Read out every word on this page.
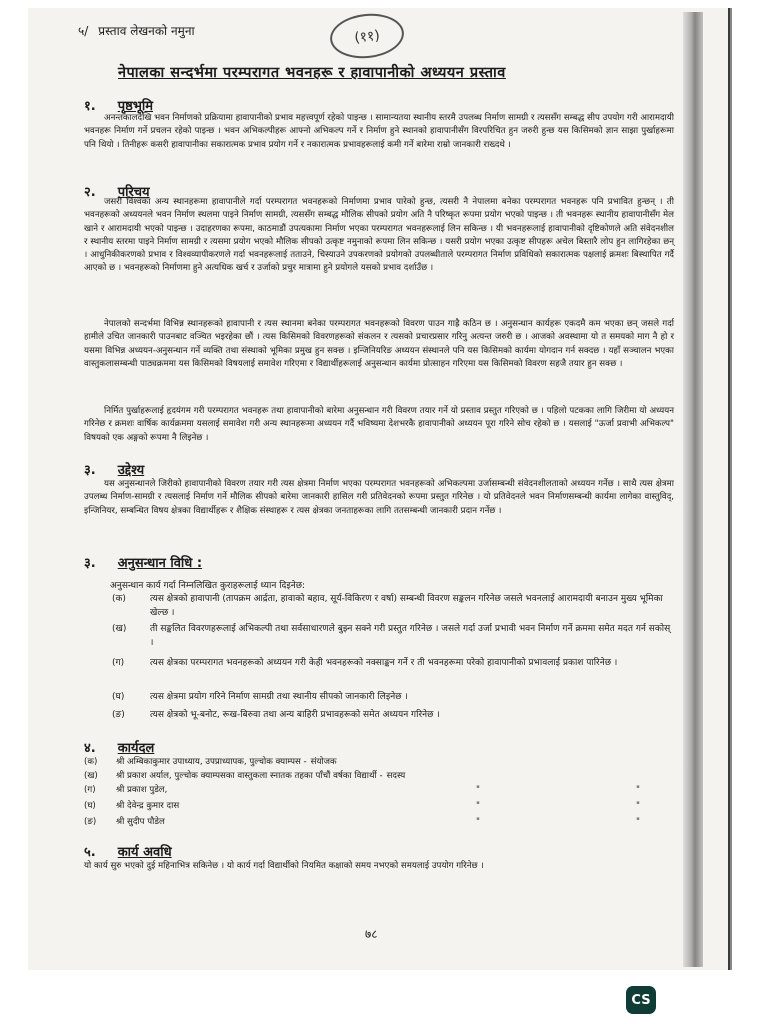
५/ प्रस्ताव लेखनको नमुना	(११)
नेपालका सन्दर्भमा परम्परागत भवनहरू र हावापानीको अध्ययन प्रस्ताव
१. पृष्ठभूमि

अनन्तकालदेखि भवन निर्माणको प्रक्रियामा हावापानीको प्रभाव महत्त्वपूर्ण रहेको पाइन्छ । सामान्यतया स्थानीय स्तरमै उपलब्ध निर्माण सामग्री र त्यससँग सम्बद्ध सीप उपयोग गरी आरामदायी भवनहरू निर्माण गर्ने प्रचलन रहेको पाइन्छ । भवन अभिकल्पीहरू आफ्नो अभिकल्प गर्ने र निर्माण हुने स्थानको हावापानीसँग विरपरिचित हुन जरुरी हुन्छ यस किसिमको ज्ञान साझा पुर्खाहरूमा पनि थियो । तिनीहरू कसरी हावापानीका सकारात्मक प्रभाव प्रयोग गर्ने र नकारात्मक प्रभावहरूलाई कमी गर्ने बारेमा राम्रो जानकारी राख्दथे ।

२. परिचय

जसरी विश्वका अन्य स्थानहरूमा हावापानीले गर्दा परम्परागत भवनहरूको निर्माणमा प्रभाव पारेको हुन्छ, त्यसरी नै नेपालमा बनेका परम्परागत भवनहरू पनि प्रभावित हुन्छन् । ती भवनहरूको अध्ययनले भवन निर्माण स्थलमा पाइने निर्माण सामग्री, त्यससँग सम्बद्ध मौलिक सीपको प्रयोग अति नै परिष्कृत रूपमा प्रयोग भएको पाइन्छ । ती भवनहरू स्थानीय हावापानीसँग मेल खाने र आरामदायी भएको पाइन्छ । उदाहरणका रूपमा, काठमाडौं उपत्यकामा निर्माण भएका परम्परागत भवनहरूलाई लिन सकिन्छ । यी भवनहरूलाई हावापानीको दृष्टिकोणले अति संवेदनशील र स्थानीय स्तरमा पाइने निर्माण सामग्री र त्यसमा प्रयोग भएको मौलिक सीपको उत्कृष्ट नमुनाको रूपमा लिन सकिन्छ । यसरी प्रयोग भएका उत्कृष्ट सीपहरू अचेल बिस्तारै लोप हुन लागिरहेका छन् । आधुनिकीकरणको प्रभाव र विश्वव्यापीकरणले गर्दा भवनहरूलाई तताउने, चिस्याउने उपकरणको प्रयोगको उपलब्धीताले परम्परागत निर्माण प्रविधिको सकारात्मक पक्षलाई क्रमशः बिस्थापित गर्दै आएको छ । भवनहरूको निर्माणमा हुने अत्यधिक खर्च र उर्जाको प्रचुर मात्रामा हुने प्रयोगले यसको प्रभाव दर्शाउँछ ।

नेपालको सन्दर्भमा विभिन्न स्थानहरूको हावापानी र त्यस स्थानमा बनेका परम्परागत भवनहरूको विवरण पाउन गाह्रै कठिन छ । अनुसन्धान कार्यहरू एकदमै कम भएका छन् जसले गर्दा हामीले उचित जानकारी पाउनबाट वञ्चित भइरहेका छौं । त्यस किसिमको विवरणहरूको संकलन र त्यसको प्रचारप्रसार गरिनु अत्यन्त जरुरी छ । आजको अवस्थामा यो त समयको माग नै हो र यसमा विभिन्न अध्ययन-अनुसन्धान गर्ने व्यक्ति तथा संस्थाको भूमिका प्रमुख हुन सक्छ । इन्जिनियरिङ अध्ययन संस्थानले पनि यस किसिमको कार्यमा योगदान गर्न सक्दछ । यहाँ सञ्चालन भएका वास्तुकलासम्बन्धी पाठ्यक्रममा यस किसिमको विषयलाई समावेश गरिएमा र विद्यार्थीहरूलाई अनुसन्धान कार्यमा प्रोत्साहन गरिएमा यस किसिमको विवरण सहजै तयार हुन सक्छ ।

निर्मित पुर्खाहरूलाई हृदयंगम गरी परम्परागत भवनहरू तथा हावापानीको बारेमा अनुसन्धान गरी विवरण तयार गर्ने यो प्रस्ताव प्रस्तुत गरिएको छ । पहिलो पटकका लागि जिरीमा यो अध्ययन गरिनेछ र क्रमशः वार्षिक कार्यक्रममा यसलाई समावेश गरी अन्य स्थानहरूमा अध्ययन गर्दै भविष्यमा देशभरकै हावापानीको अध्ययन पूरा गरिने सोच रहेको छ । यसलाई "ऊर्जा प्रवाभी अभिकल्प" विषयको एक अङ्गको रूपमा नै लिइनेछ ।

३. उद्देश्य

यस अनुसन्धानले जिरीको हावापानीको विवरण तयार गरी त्यस क्षेत्रमा निर्माण भएका परम्परागत भवनहरूको अभिकल्पमा उर्जासम्बन्धी संवेदनशीलताको अध्ययन गर्नेछ । साथै त्यस क्षेत्रमा उपलब्ध निर्माण-सामग्री र त्यसलाई निर्माण गर्ने मौलिक सीपको बारेमा जानकारी हासिल गरी प्रतिवेदनको रूपमा प्रस्तुत गरिनेछ । यो प्रतिवेदनले भवन निर्माणसम्बन्धी कार्यमा लागेका वास्तुविद्, इन्जिनियर, सम्बन्धित विषय क्षेत्रका विद्यार्थीहरू र शैक्षिक संस्थाहरू र त्यस क्षेत्रका जनताहरूका लागि ततसम्बन्धी जानकारी प्रदान गर्नेछ ।

३. अनुसन्धान विधि :
अनुसन्धान कार्य गर्दा निम्नलिखित कुराहरूलाई ध्यान दिइनेछ:
(क)	त्यस क्षेत्रको हावापानी (तापक्रम आर्द्रता, हावाको बहाव, सूर्य-विकिरण र वर्षा) सम्बन्धी विवरण सङ्कलन गरिनेछ जसले भवनलाई आरामदायी बनाउन मुख्य भूमिका खेल्छ ।
(ख)	ती सङ्कलित विवरणहरूलाई अभिकल्पी तथा सर्वसाधारणले बुझ्न सक्ने गरी प्रस्तुत गरिनेछ । जसले गर्दा उर्जा प्रभावी भवन निर्माण गर्ने क्रममा समेत मदत गर्न सकोस् ।
(ग)	त्यस क्षेत्रका परम्परागत भवनहरूको अध्ययन गरी केही भवनहरूको नक्साङ्कन गर्ने र ती भवनहरूमा परेको हावापानीको प्रभावलाई प्रकाश पारिनेछ ।
(घ)	त्यस क्षेत्रमा प्रयोग गरिने निर्माण सामग्री तथा स्थानीय सीपको जानकारी लिइनेछ ।
(ङ)	त्यस क्षेत्रको भू-बनोट, रूख-बिरुवा तथा अन्य बाहिरी प्रभावहरूको समेत अध्ययन गरिनेछ ।
४. कार्यदल
(क)	श्री अम्बिकाकुमार उपाध्याय, उपप्राध्यापक, पुल्चोक क्याम्पस - संयोजक
(ख)	श्री प्रकाश अर्याल, पुल्चोक क्याम्पसका वास्तुकला स्नातक तहका पाँचौं वर्षका विद्यार्थी - सदस्य
(ग)	श्री प्रकाश पुडेल,	"	"
(घ)	श्री देवेन्द्र कुमार दास	"	"
(ङ)	श्री सुदीप पौडेल	"	"
५. कार्य अवधि

यो कार्य सुरु भएको दुई महिनाभित्र सकिनेछ । यो कार्य गर्दा विद्यार्थीको नियमित कक्षाको समय नभएको समयलाई उपयोग गरिनेछ ।

७८
CS
